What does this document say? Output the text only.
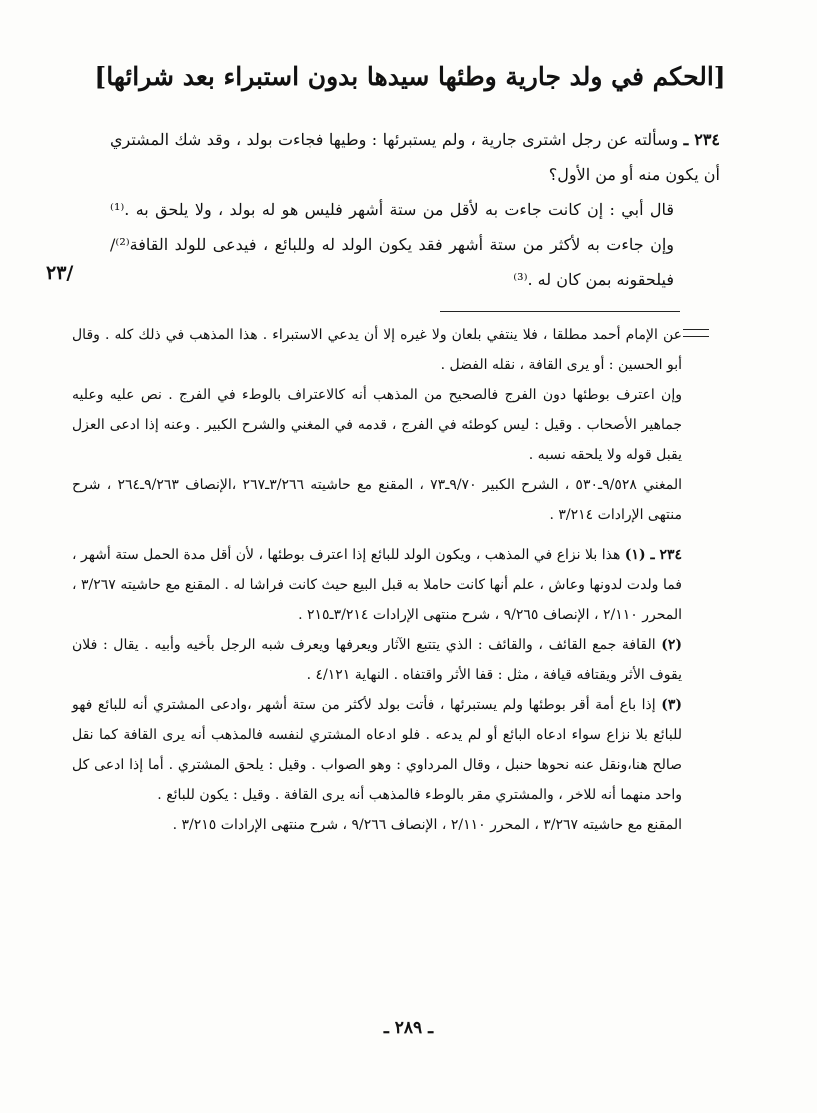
[الحكم في ولد جارية وطئها سيدها بدون استبراء بعد شرائها]

٢٣٤ ـ وسألته عن رجل اشترى جارية ، ولم يستبرئها : وطيها فجاءت بولد ، وقد شك المشتري أن يكون منه أو من الأول؟

قال أبي : إن كانت جاءت به لأقل من ستة أشهر فليس هو له بولد ، ولا يلحق به .⁽¹⁾ وإن جاءت به لأكثر من ستة أشهر فقد يكون الولد له وللبائع ، فيدعى للولد القافة⁽²⁾/ فيلحقونه بمن كان له .⁽³⁾

/٢٣

عن الإمام أحمد مطلقا ، فلا ينتفي بلعان ولا غيره إلا أن يدعي الاستبراء . هذا المذهب في ذلك كله . وقال أبو الحسين : أو يرى القافة ، نقله الفضل .

وإن اعترف بوطئها دون الفرج فالصحيح من المذهب أنه كالاعتراف بالوطء في الفرج . نص عليه وعليه جماهير الأصحاب . وقيل : ليس كوطئه في الفرج ، قدمه في المغني والشرح الكبير . وعنه إذا ادعى العزل يقبل قوله ولا يلحقه نسبه .

المغني ٩/٥٢٨ـ٥٣٠ ، الشرح الكبير ٩/٧٠ـ٧٣ ، المقنع مع حاشيته ٣/٢٦٦ـ٢٦٧ ،الإنصاف ٩/٢٦٣ـ٢٦٤ ، شرح منتهى الإرادات ٣/٢١٤ .

٢٣٤ ـ (١) هذا بلا نزاع في المذهب ، ويكون الولد للبائع إذا اعترف بوطئها ، لأن أقل مدة الحمل ستة أشهر ، فما ولدت لدونها وعاش ، علم أنها كانت حاملا به قبل البيع حيث كانت فراشا له . المقنع مع حاشيته ٣/٢٦٧ ، المحرر ٢/١١٠ ، الإنصاف ٩/٢٦٥ ، شرح منتهى الإرادات ٣/٢١٤ـ٢١٥ .

(٢) القافة جمع القائف ، والقائف : الذي يتتبع الآثار ويعرفها ويعرف شبه الرجل بأخيه وأبيه . يقال : فلان يقوف الأثر ويقتافه قيافة ، مثل : قفا الأثر واقتفاه . النهاية ٤/١٢١ .

(٣) إذا باع أمة أقر بوطئها ولم يستبرئها ، فأتت بولد لأكثر من ستة أشهر ،وادعى المشتري أنه للبائع فهو للبائع بلا نزاع سواء ادعاه البائع أو لم يدعه . فلو ادعاه المشتري لنفسه فالمذهب أنه يرى القافة كما نقل صالح هنا،ونقل عنه نحوها حنبل ، وقال المرداوي : وهو الصواب . وقيل : يلحق المشتري . أما إذا ادعى كل واحد منهما أنه للاخر ، والمشتري مقر بالوطء فالمذهب أنه يرى القافة . وقيل : يكون للبائع .

المقنع مع حاشيته ٣/٢٦٧ ، المحرر ٢/١١٠ ، الإنصاف ٩/٢٦٦ ، شرح منتهى الإرادات ٣/٢١٥ .

ـ ٢٨٩ ـ
